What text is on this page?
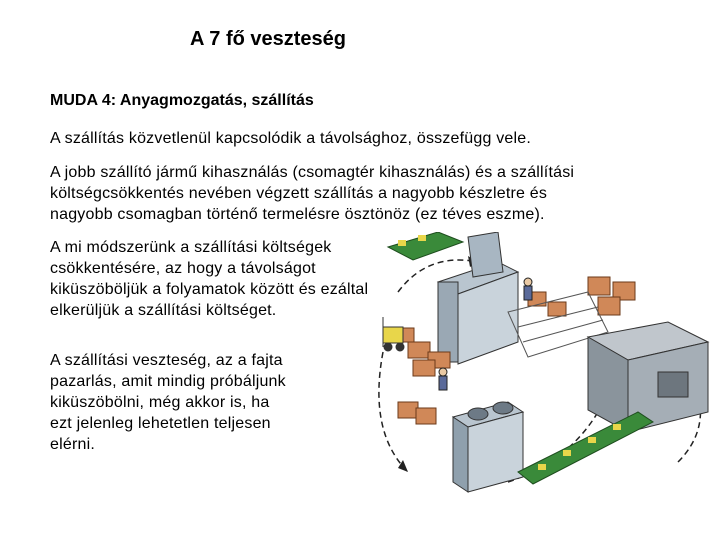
A 7 fő veszteség
MUDA 4: Anyagmozgatás, szállítás
A szállítás közvetlenül kapcsolódik a távolsághoz, összefügg vele.
A jobb szállító jármű kihasználás (csomagtér kihasználás) és a szállítási költségcsökkentés nevében végzett szállítás a nagyobb készletre és nagyobb csomagban történő termelésre ösztönöz (ez téves eszme).
A mi módszerünk a szállítási költségek csökkentésére, az hogy a távolságot kiküszöböljük a folyamatok között és ezáltal elkerüljük a szállítási költséget.
A szállítási veszteség, az a fajta pazarlás, amit mindig próbáljunk kiküszöbölni, még akkor is, ha ezt jelenleg lehetetlen teljesen elérni.
